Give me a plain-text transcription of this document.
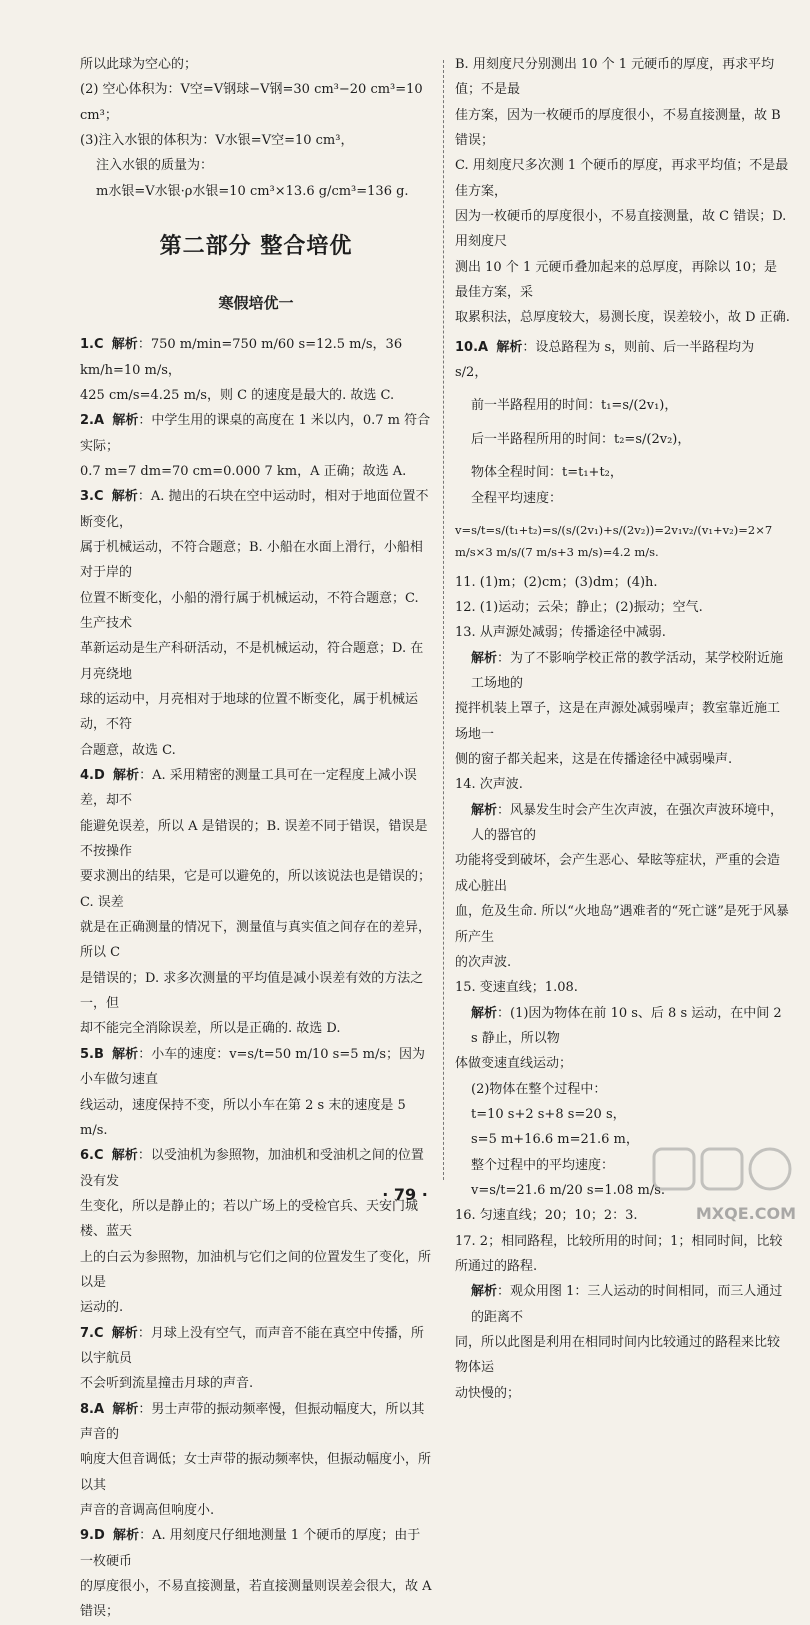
所以此球为空心的；

(2) 空心体积为：V空=V钢球−V钢=30 cm³−20 cm³=10 cm³；

(3)注入水银的体积为：V水银=V空=10 cm³，

注入水银的质量为：

m水银=V水银·ρ水银=10 cm³×13.6 g/cm³=136 g.

第二部分 整合培优
寒假培优一

1.C 解析：750 m/min=750 m/60 s=12.5 m/s，36 km/h=10 m/s，

425 cm/s=4.25 m/s，则 C 的速度是最大的. 故选 C.

2.A 解析：中学生用的课桌的高度在 1 米以内，0.7 m 符合实际；

0.7 m=7 dm=70 cm=0.000 7 km，A 正确；故选 A.

3.C 解析：A. 抛出的石块在空中运动时，相对于地面位置不断变化，

属于机械运动，不符合题意；B. 小船在水面上滑行，小船相对于岸的

位置不断变化，小船的滑行属于机械运动，不符合题意；C. 生产技术

革新运动是生产科研活动，不是机械运动，符合题意；D. 在月亮绕地

球的运动中，月亮相对于地球的位置不断变化，属于机械运动，不符

合题意，故选 C.

4.D 解析：A. 采用精密的测量工具可在一定程度上减小误差，却不

能避免误差，所以 A 是错误的；B. 误差不同于错误，错误是不按操作

要求测出的结果，它是可以避免的，所以该说法也是错误的；C. 误差

就是在正确测量的情况下，测量值与真实值之间存在的差异，所以 C

是错误的；D. 求多次测量的平均值是减小误差有效的方法之一，但

却不能完全消除误差，所以是正确的. 故选 D.

5.B 解析：小车的速度：v=s/t=50 m/10 s=5 m/s；因为小车做匀速直

线运动，速度保持不变，所以小车在第 2 s 末的速度是 5 m/s.

6.C 解析：以受油机为参照物，加油机和受油机之间的位置没有发

生变化，所以是静止的；若以广场上的受检官兵、天安门城楼、蓝天

上的白云为参照物，加油机与它们之间的位置发生了变化，所以是

运动的.

7.C 解析：月球上没有空气，而声音不能在真空中传播，所以宇航员

不会听到流星撞击月球的声音.

8.A 解析：男士声带的振动频率慢，但振动幅度大，所以其声音的

响度大但音调低；女士声带的振动频率快，但振动幅度小，所以其

声音的音调高但响度小.

9.D 解析：A. 用刻度尺仔细地测量 1 个硬币的厚度；由于一枚硬币

的厚度很小，不易直接测量，若直接测量则误差会很大，故 A 错误；

B. 用刻度尺分别测出 10 个 1 元硬币的厚度，再求平均值；不是最

佳方案，因为一枚硬币的厚度很小，不易直接测量，故 B 错误；

C. 用刻度尺多次测 1 个硬币的厚度，再求平均值；不是最佳方案，

因为一枚硬币的厚度很小，不易直接测量，故 C 错误；D. 用刻度尺

测出 10 个 1 元硬币叠加起来的总厚度，再除以 10；是最佳方案，采

取累积法，总厚度较大，易测长度，误差较小，故 D 正确.

10.A 解析：设总路程为 s，则前、后一半路程均为 s/2，

前一半路程用的时间：t₁=s/(2v₁)，

后一半路程所用的时间：t₂=s/(2v₂)，

物体全程时间：t=t₁+t₂，

全程平均速度：

v=s/t=s/(t₁+t₂)=s/(s/(2v₁)+s/(2v₂))=2v₁v₂/(v₁+v₂)=2×7 m/s×3 m/s/(7 m/s+3 m/s)=4.2 m/s.

11. (1)m；(2)cm；(3)dm；(4)h.

12. (1)运动；云朵；静止；(2)振动；空气.

13. 从声源处减弱；传播途径中减弱.

解析：为了不影响学校正常的教学活动，某学校附近施工场地的

搅拌机装上罩子，这是在声源处减弱噪声；教室靠近施工场地一

侧的窗子都关起来，这是在传播途径中减弱噪声.

14. 次声波.

解析：风暴发生时会产生次声波，在强次声波环境中，人的器官的

功能将受到破坏，会产生恶心、晕眩等症状，严重的会造成心脏出

血，危及生命. 所以“火地岛”遇难者的“死亡谜”是死于风暴所产生

的次声波.

15. 变速直线；1.08.

解析：(1)因为物体在前 10 s、后 8 s 运动，在中间 2 s 静止，所以物

体做变速直线运动；

(2)物体在整个过程中：

t=10 s+2 s+8 s=20 s，

s=5 m+16.6 m=21.6 m，

整个过程中的平均速度：

v=s/t=21.6 m/20 s=1.08 m/s.

16. 匀速直线；20；10；2：3.

17. 2；相同路程，比较所用的时间；1；相同时间，比较所通过的路程.

解析：观众用图 1：三人运动的时间相同，而三人通过的距离不

同，所以此图是利用在相同时间内比较通过的路程来比较物体运

动快慢的；

· 79 ·
MXQE.COM
